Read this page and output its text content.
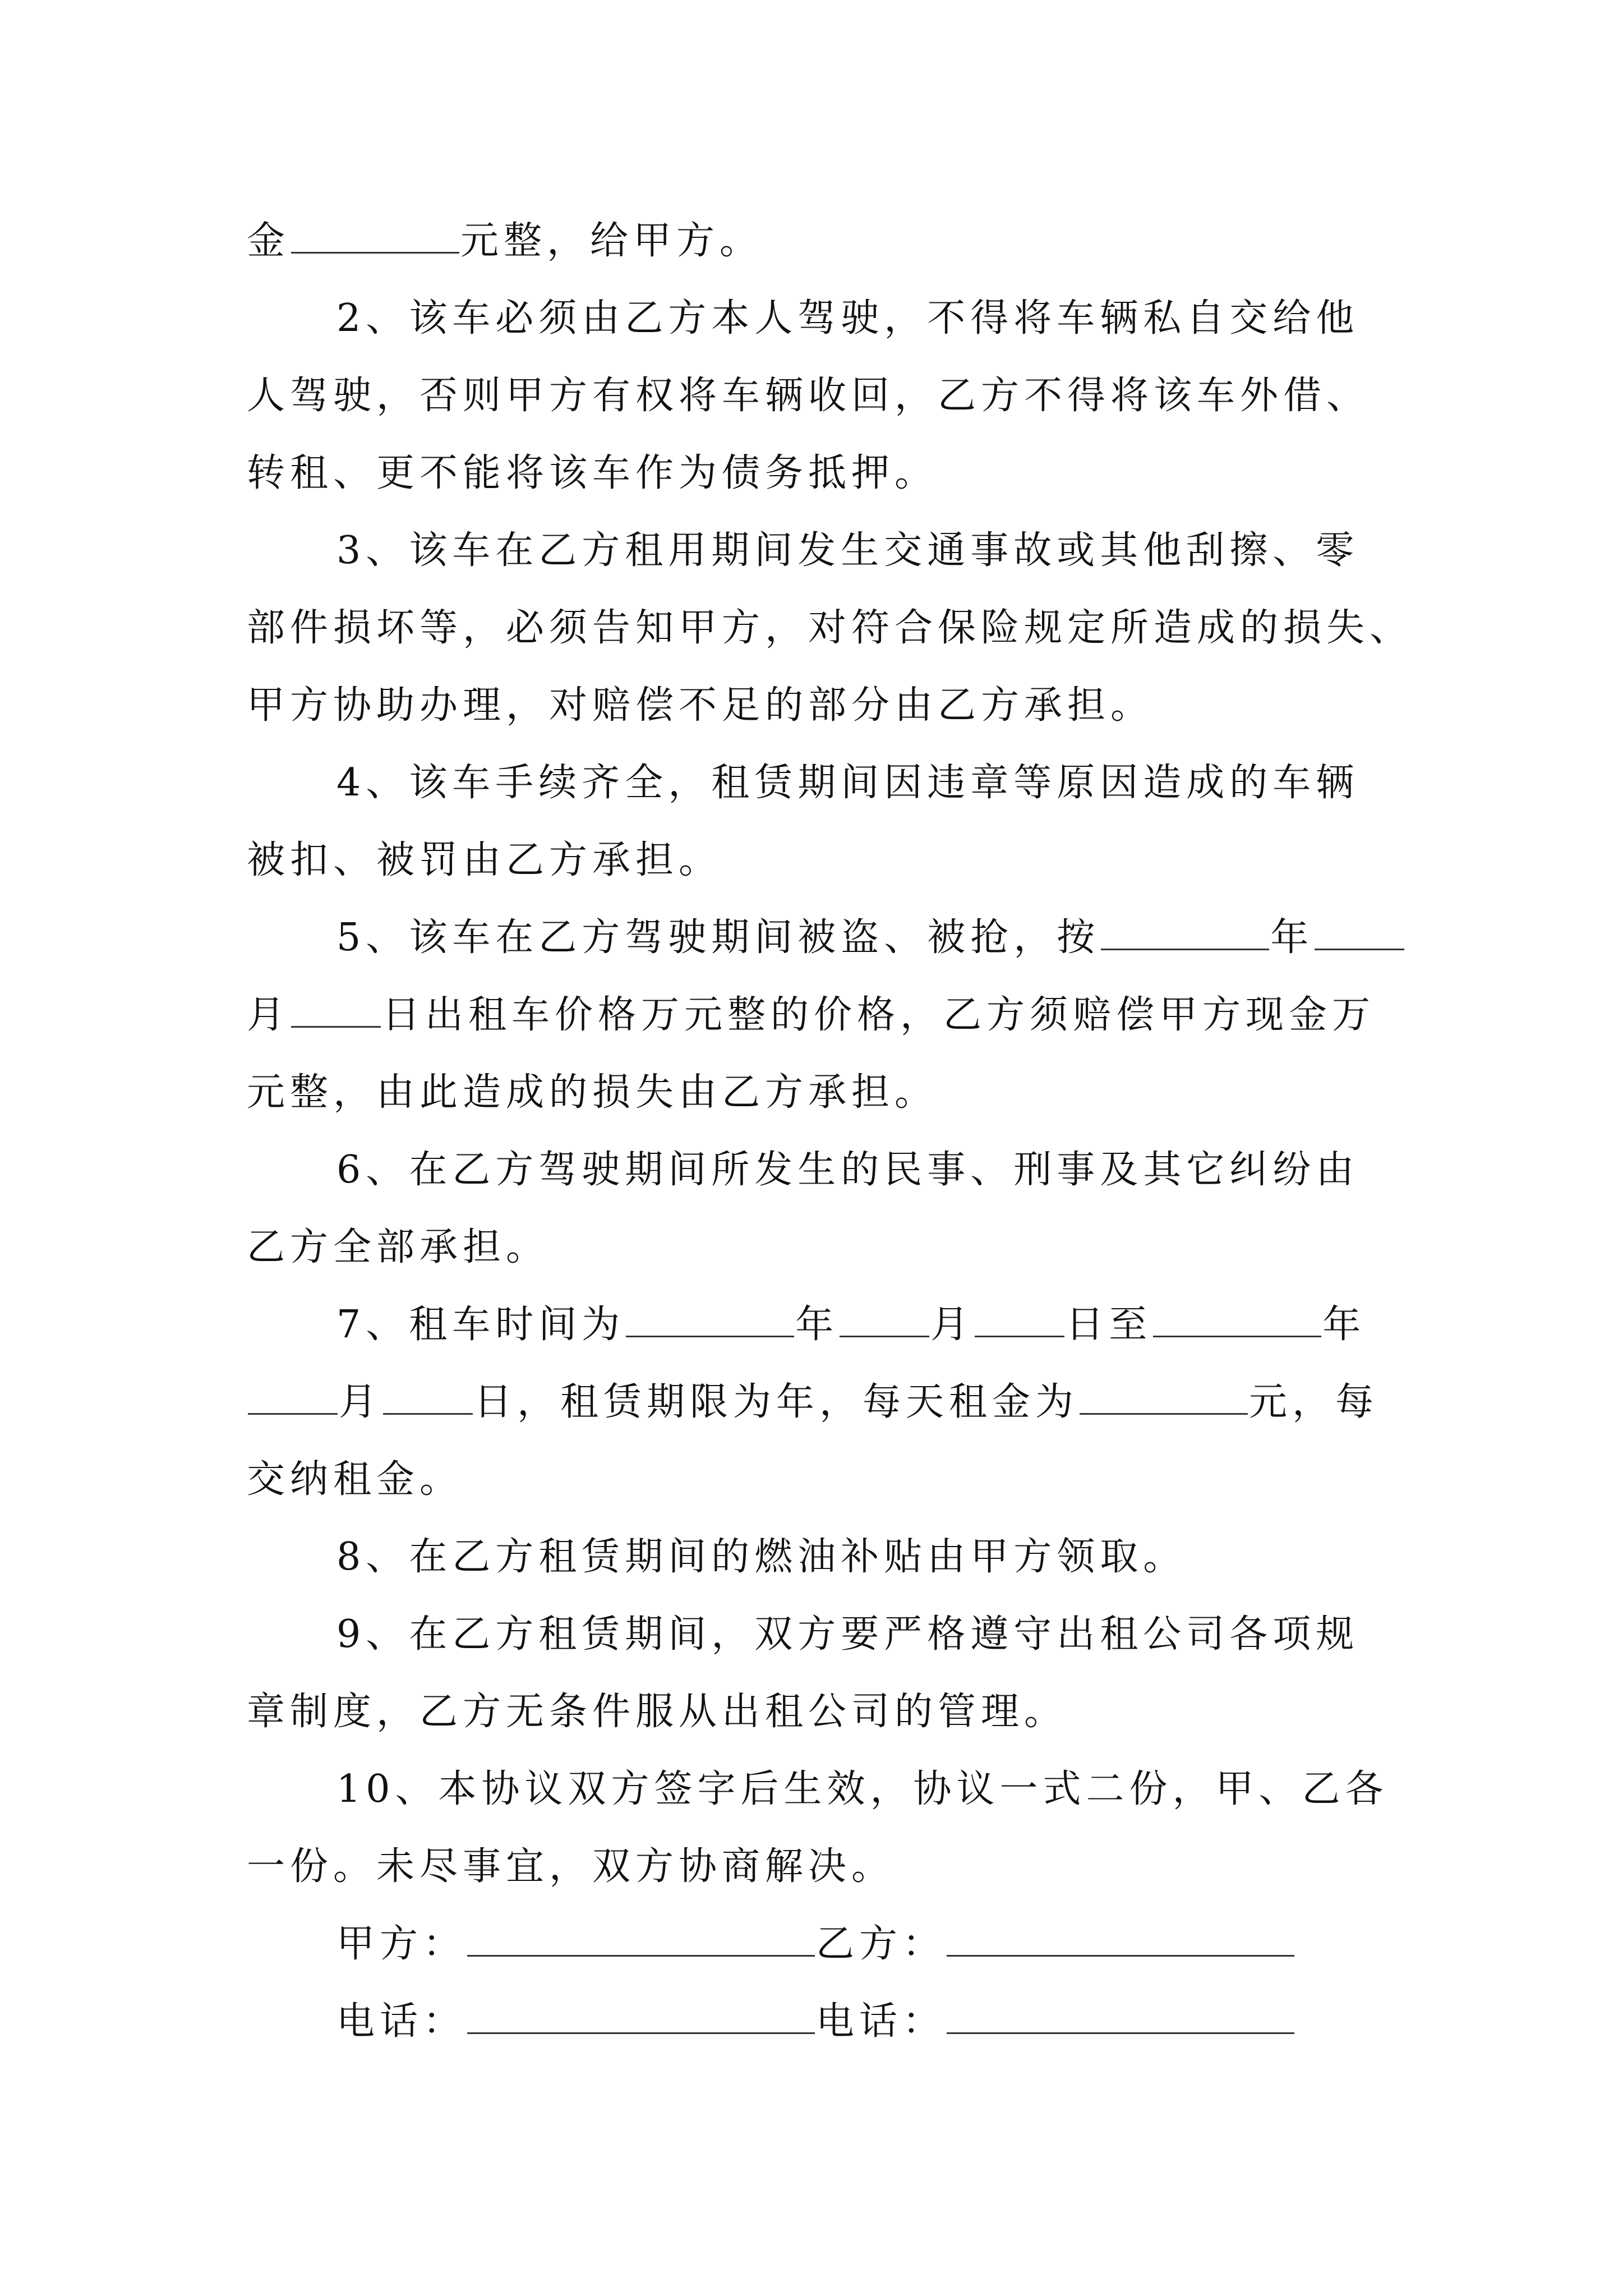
金	元整，给甲方。
2、该车必须由乙方本人驾驶，不得将车辆私自交给他
人驾驶，否则甲方有权将车辆收回，乙方不得将该车外借、
转租、更不能将该车作为债务抵押。
3、该车在乙方租用期间发生交通事故或其他刮擦、零
部件损坏等，必须告知甲方，对符合保险规定所造成的损失、
甲方协助办理，对赔偿不足的部分由乙方承担。
4、该车手续齐全，租赁期间因违章等原因造成的车辆
被扣、被罚由乙方承担。
5、该车在乙方驾驶期间被盗、被抢，按	年
月 日出租车价格万元整的价格，乙方须赔偿甲方现金万
元整，由此造成的损失由乙方承担。
6、在乙方驾驶期间所发生的民事、刑事及其它纠纷由
乙方全部承担。
7、租车时间为	年 月 日至	年
月 日，租赁期限为年，每天租金为	元，每
交纳租金。
8、在乙方租赁期间的燃油补贴由甲方领取。
9、在乙方租赁期间，双方要严格遵守出租公司各项规
章制度，乙方无条件服从出租公司的管理。
10、本协议双方签字后生效，协议一式二份，甲、乙各
一份。未尽事宜，双方协商解决。
甲方：	乙方：
电话：	电话：
